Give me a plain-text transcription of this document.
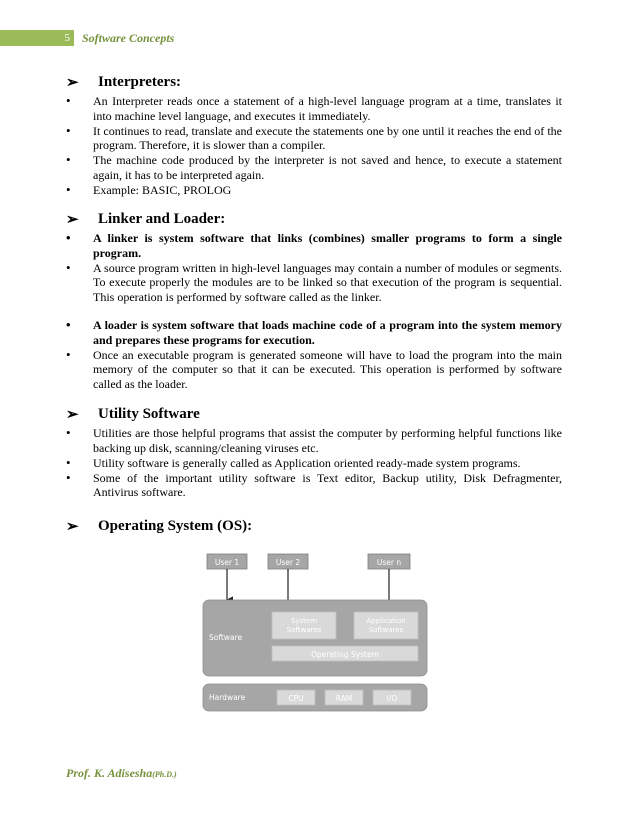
5 Software Concepts
➢	Interpreters:
• An Interpreter reads once a statement of a high-level language program at a time, translates it into machine level language, and executes it immediately.
• It continues to read, translate and execute the statements one by one until it reaches the end of the program. Therefore, it is slower than a compiler.
• The machine code produced by the interpreter is not saved and hence, to execute a statement again, it has to be interpreted again.
• Example: BASIC, PROLOG
➢	Linker and Loader:
• A linker is system software that links (combines) smaller programs to form a single program.
• A source program written in high-level languages may contain a number of modules or segments. To execute properly the modules are to be linked so that execution of the program is sequential. This operation is performed by software called as the linker.
• A loader is system software that loads machine code of a program into the system memory and prepares these programs for execution.
• Once an executable program is generated someone will have to load the program into the main memory of the computer so that it can be executed. This operation is performed by software called as the loader.
➢	Utility Software
• Utilities are those helpful programs that assist the computer by performing helpful functions like backing up disk, scanning/cleaning viruses etc.
• Utility software is generally called as Application oriented ready-made system programs.
• Some of the important utility software is Text editor, Backup utility, Disk Defragmenter, Antivirus software.
➢	Operating System (OS):
User 1	User 2	User n
Software
System
Softwares
Application
Softwares
Operating System
Hardware	CPU	RAM	I/O
Prof. K. Adisesha(Ph.D.)
